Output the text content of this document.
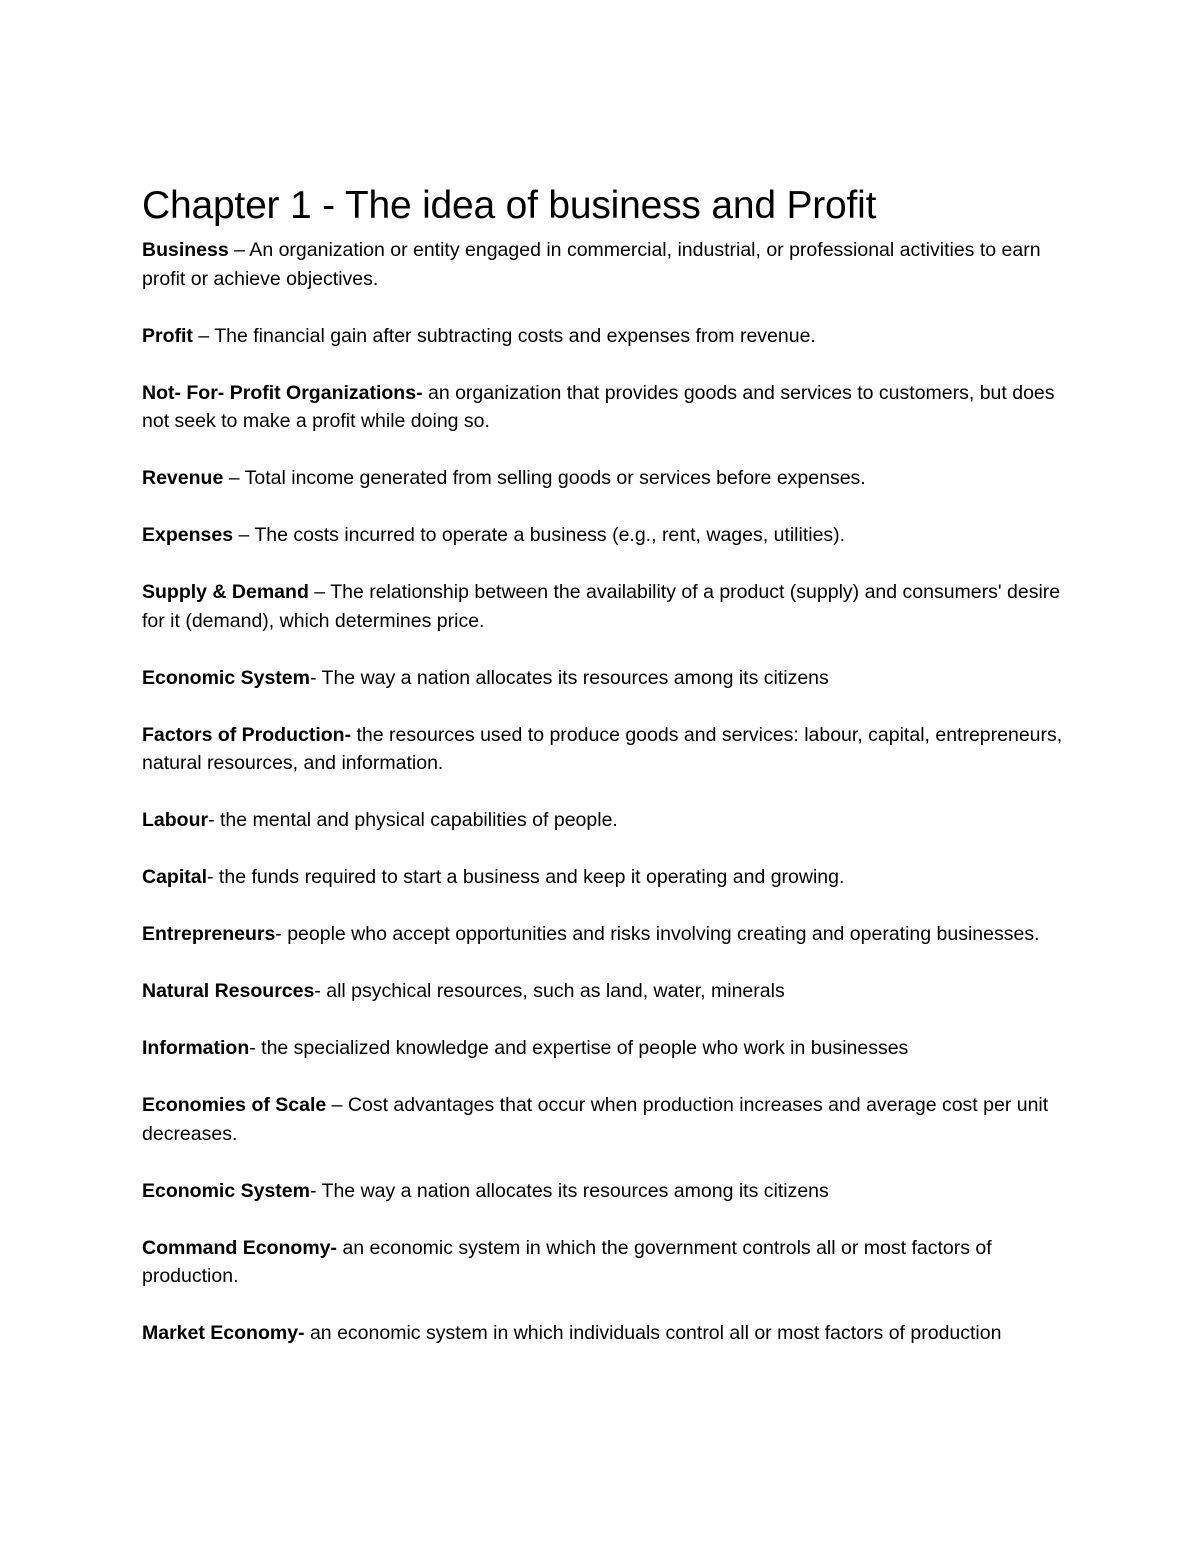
Chapter 1 - The idea of business and Profit
Business – An organization or entity engaged in commercial, industrial, or professional activities to earn profit or achieve objectives.
Profit – The financial gain after subtracting costs and expenses from revenue.
Not- For- Profit Organizations- an organization that provides goods and services to customers, but does not seek to make a profit while doing so.
Revenue – Total income generated from selling goods or services before expenses.
Expenses – The costs incurred to operate a business (e.g., rent, wages, utilities).
Supply & Demand – The relationship between the availability of a product (supply) and consumers' desire for it (demand), which determines price.
Economic System- The way a nation allocates its resources among its citizens
Factors of Production- the resources used to produce goods and services: labour, capital, entrepreneurs, natural resources, and information.
Labour- the mental and physical capabilities of people.
Capital- the funds required to start a business and keep it operating and growing.
Entrepreneurs- people who accept opportunities and risks involving creating and operating businesses.
Natural Resources- all psychical resources, such as land, water, minerals
Information- the specialized knowledge and expertise of people who work in businesses
Economies of Scale – Cost advantages that occur when production increases and average cost per unit decreases.
Economic System- The way a nation allocates its resources among its citizens
Command Economy- an economic system in which the government controls all or most factors of production.
Market Economy- an economic system in which individuals control all or most factors of production
